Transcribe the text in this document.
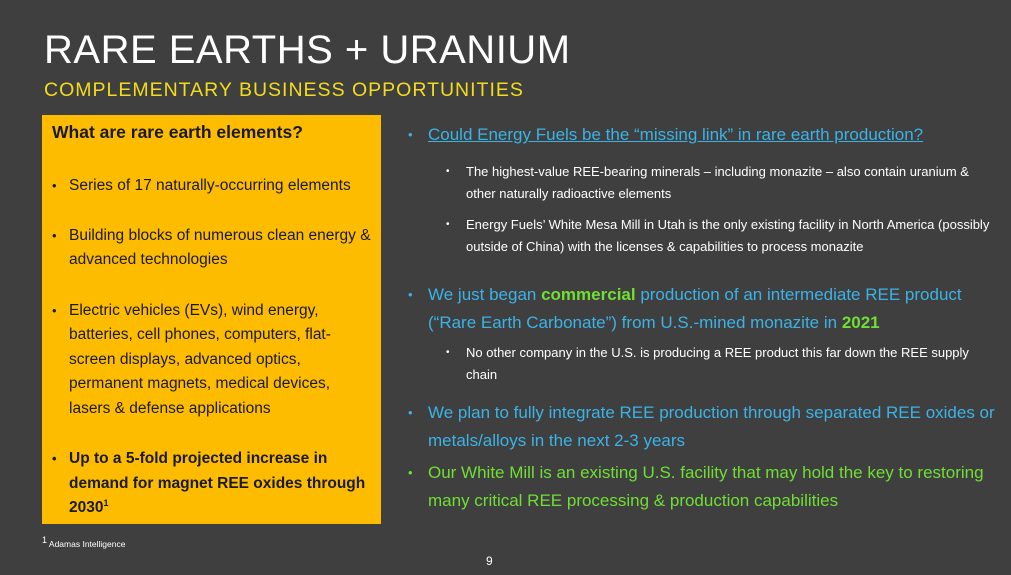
RARE EARTHS + URANIUM
COMPLEMENTARY BUSINESS OPPORTUNITIES
What are rare earth elements?
• Series of 17 naturally-occurring elements
• Building blocks of numerous clean energy & advanced technologies
• Electric vehicles (EVs), wind energy, batteries, cell phones, computers, flat-screen displays, advanced optics, permanent magnets, medical devices, lasers & defense applications
• Up to a 5-fold projected increase in demand for magnet REE oxides through 2030$^1$
• Could Energy Fuels be the “missing link” in rare earth production?
• The highest-value REE-bearing minerals – including monazite – also contain uranium & other naturally radioactive elements
• Energy Fuels’ White Mesa Mill in Utah is the only existing facility in North America (possibly outside of China) with the licenses & capabilities to process monazite
• We just began commercial production of an intermediate REE product (“Rare Earth Carbonate”) from U.S.-mined monazite in 2021
• No other company in the U.S. is producing a REE product this far down the REE supply chain
• We plan to fully integrate REE production through separated REE oxides or metals/alloys in the next 2-3 years
• Our White Mill is an existing U.S. facility that may hold the key to restoring many critical REE processing & production capabilities
$^1$ Adamas Intelligence
9
